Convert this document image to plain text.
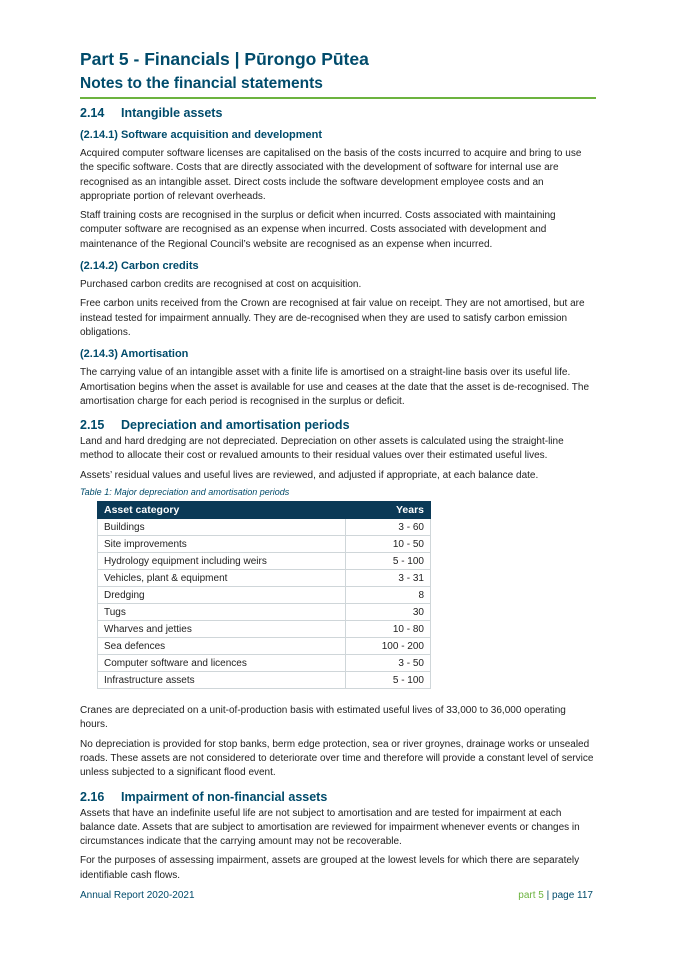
Part 5 - Financials | Pūrongo Pūtea
Notes to the financial statements
2.14 Intangible assets
(2.14.1) Software acquisition and development

Acquired computer software licenses are capitalised on the basis of the costs incurred to acquire and bring to use the specific software. Costs that are directly associated with the development of software for internal use are recognised as an intangible asset. Direct costs include the software development employee costs and an appropriate portion of relevant overheads.

Staff training costs are recognised in the surplus or deficit when incurred. Costs associated with maintaining computer software are recognised as an expense when incurred. Costs associated with development and maintenance of the Regional Council’s website are recognised as an expense when incurred.

(2.14.2) Carbon credits

Purchased carbon credits are recognised at cost on acquisition.

Free carbon units received from the Crown are recognised at fair value on receipt. They are not amortised, but are instead tested for impairment annually. They are de-recognised when they are used to satisfy carbon emission obligations.

(2.14.3) Amortisation

The carrying value of an intangible asset with a finite life is amortised on a straight-line basis over its useful life. Amortisation begins when the asset is available for use and ceases at the date that the asset is de-recognised. The amortisation charge for each period is recognised in the surplus or deficit.

2.15 Depreciation and amortisation periods

Land and hard dredging are not depreciated. Depreciation on other assets is calculated using the straight-line method to allocate their cost or revalued amounts to their residual values over their estimated useful lives.

Assets’ residual values and useful lives are reviewed, and adjusted if appropriate, at each balance date.

Table 1: Major depreciation and amortisation periods
Asset category	Years
Buildings	3 - 60
Site improvements	10 - 50
Hydrology equipment including weirs	5 - 100
Vehicles, plant & equipment	3 - 31
Dredging	8
Tugs	30
Wharves and jetties	10 - 80
Sea defences	100 - 200
Computer software and licences	3 - 50
Infrastructure assets	5 - 100

Cranes are depreciated on a unit-of-production basis with estimated useful lives of 33,000 to 36,000 operating hours.

No depreciation is provided for stop banks, berm edge protection, sea or river groynes, drainage works or unsealed roads. These assets are not considered to deteriorate over time and therefore will provide a constant level of service unless subjected to a significant flood event.

2.16 Impairment of non-financial assets

Assets that have an indefinite useful life are not subject to amortisation and are tested for impairment at each balance date. Assets that are subject to amortisation are reviewed for impairment whenever events or changes in circumstances indicate that the carrying amount may not be recoverable.

For the purposes of assessing impairment, assets are grouped at the lowest levels for which there are separately identifiable cash flows.

Annual Report 2020-2021	part 5 | page 117
